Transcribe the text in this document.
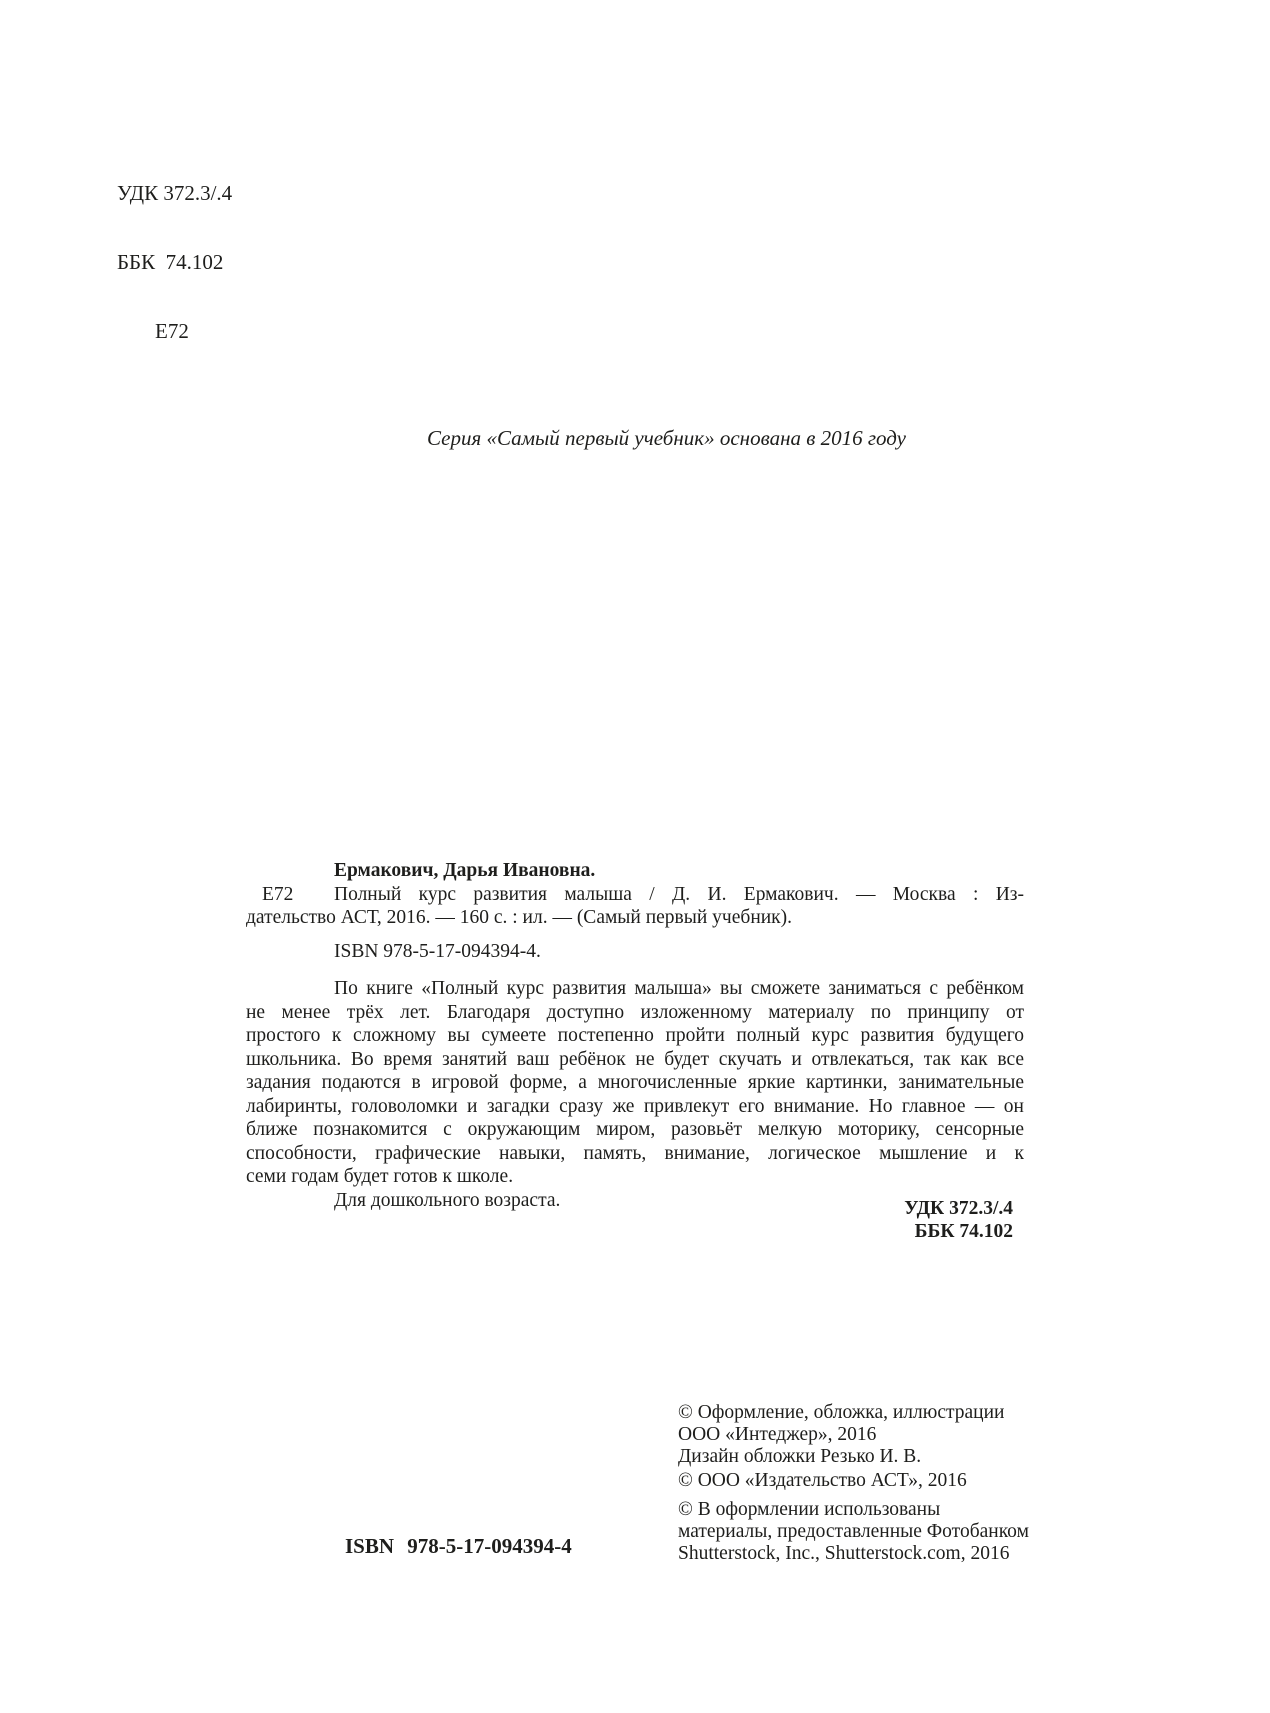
УДК 372.3/.4

ББК  74.102

Е72

Серия «Самый первый учебник» основана в 2016 году
Е72
Ермакович, Дарья Ивановна.
Полный курс развития малыша / Д. И. Ермакович. — Москва : Из-
дательство АСТ, 2016. — 160 с. : ил. — (Самый первый учебник).
ISBN 978-5-17-094394-4.
По книге «Полный курс развития малыша» вы сможете заниматься с ребёнком
не менее трёх лет. Благодаря доступно изложенному материалу по принципу от
простого к сложному вы сумеете постепенно пройти полный курс развития будущего
школьника. Во время занятий ваш ребёнок не будет скучать и отвлекаться, так как все
задания подаются в игровой форме, а многочисленные яркие картинки, занимательные
лабиринты, головоломки и загадки сразу же привлекут его внимание. Но главное — он
ближе познакомится с окружающим миром, разовьёт мелкую моторику, сенсорные
способности, графические навыки, память, внимание, логическое мышление и к
семи годам будет готов к школе.
Для дошкольного возраста.	УДК 372.3/.4
ББК 74.102
© Оформление, обложка, иллюстрации
ООО «Интеджер», 2016
Дизайн обложки Резько И. В.
© ООО «Издательство АСТ», 2016
© В оформлении использованы
материалы, предоставленные Фотобанком
Shutterstock, Inc., Shutterstock.com, 2016
ISBN 978-5-17-094394-4
